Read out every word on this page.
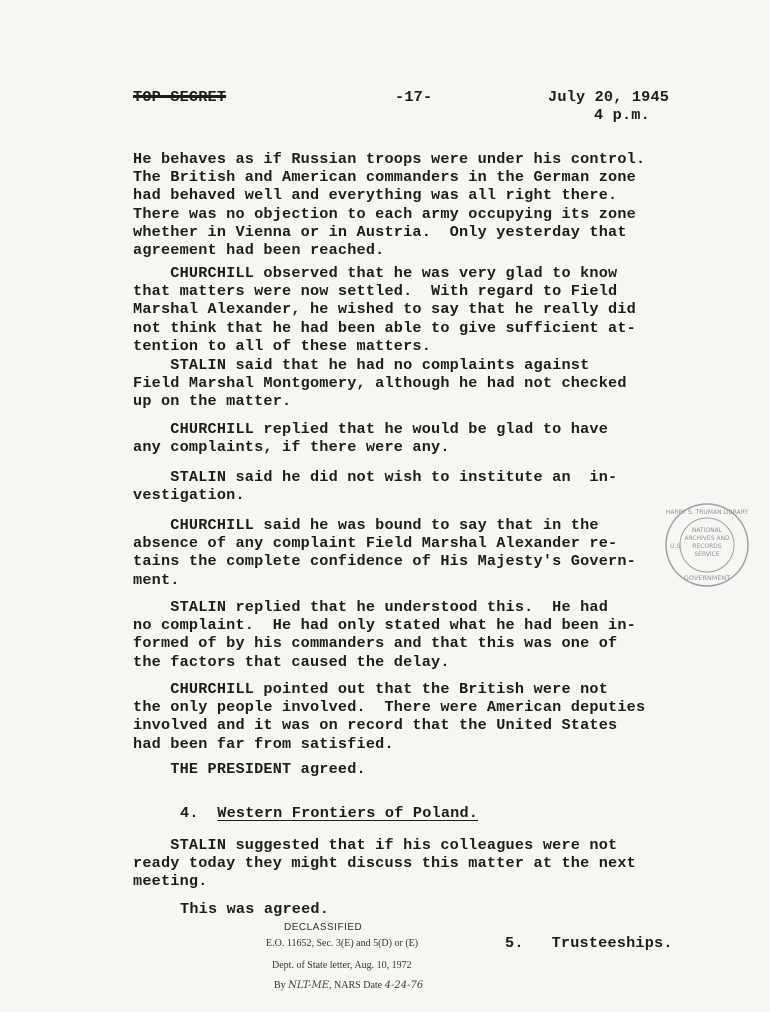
TOP SECRET	-17-	July 20, 1945
4 p.m.

He behaves as if Russian troops were under his control.
The British and American commanders in the German zone
had behaved well and everything was all right there.
There was no objection to each army occupying its zone
whether in Vienna or in Austria.  Only yesterday that
agreement had been reached.

CHURCHILL observed that he was very glad to know
that matters were now settled.  With regard to Field
Marshal Alexander, he wished to say that he really did
not think that he had been able to give sufficient at-
tention to all of these matters.

STALIN said that he had no complaints against
Field Marshal Montgomery, although he had not checked
up on the matter.

CHURCHILL replied that he would be glad to have
any complaints, if there were any.

STALIN said he did not wish to institute an  in-
vestigation.

CHURCHILL said he was bound to say that in the
absence of any complaint Field Marshal Alexander re-
tains the complete confidence of His Majesty's Govern-
ment.

STALIN replied that he understood this.  He had
no complaint.  He had only stated what he had been in-
formed of by his commanders and that this was one of
the factors that caused the delay.

CHURCHILL pointed out that the British were not
the only people involved.  There were American deputies
involved and it was on record that the United States
had been far from satisfied.

THE PRESIDENT agreed.

4. Western Frontiers of Poland.

STALIN suggested that if his colleagues were not
ready today they might discuss this matter at the next
meeting.

This was agreed.
5. Trusteeships.
DECLASSIFIED
E.O. 11652, Sec. 3(E) and 5(D) or (E)
Dept. of State letter, Aug. 10, 1972
By NLT-ME, NARS Date 4-24-76
NATIONAL
ARCHIVES AND
RECORDS
SERVICE
HARRY S. TRUMAN LIBRARY
GOVERNMENT
U.S.
